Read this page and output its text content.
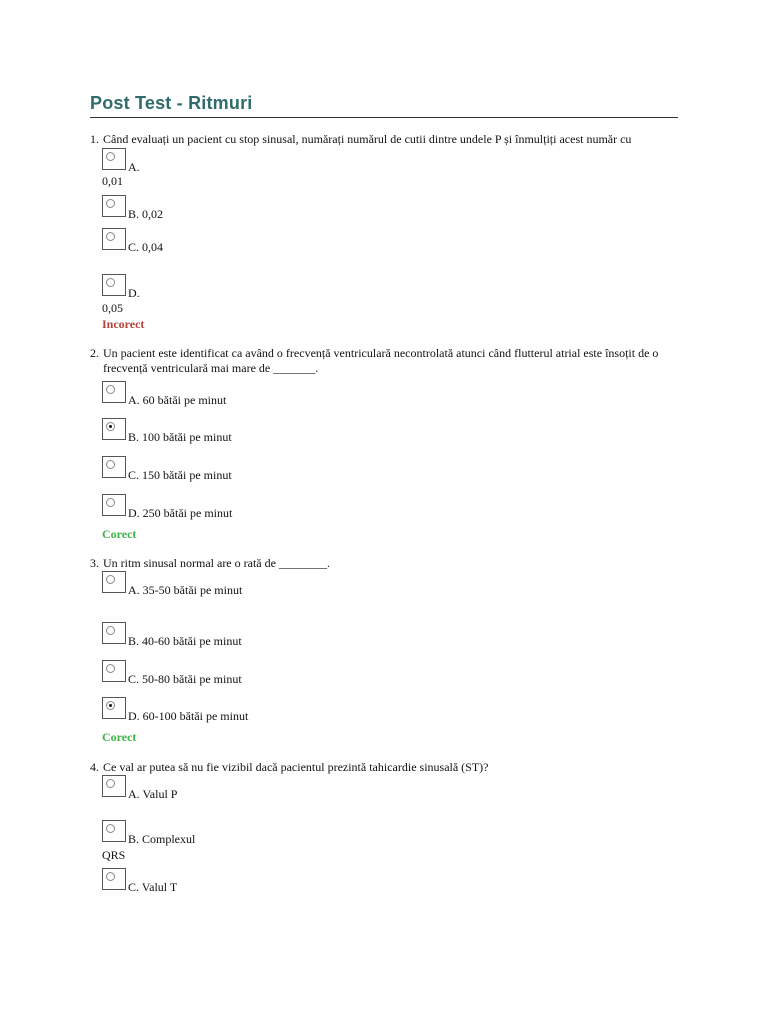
Post Test - Ritmuri
1. Când evaluați un pacient cu stop sinusal, numărați numărul de cutii dintre undele P și înmulțiți acest număr cu
A.
0,01
B. 0,02
C. 0,04
D.
0,05
Incorect
2. Un pacient este identificat ca având o frecvență ventriculară necontrolată atunci când flutterul atrial este însoțit de o frecvență ventriculară mai mare de _______.
A. 60 bătăi pe minut
B. 100 bătăi pe minut
C. 150 bătăi pe minut
D. 250 bătăi pe minut
Corect
3. Un ritm sinusal normal are o rată de ________.
A. 35-50 bătăi pe minut
B. 40-60 bătăi pe minut
C. 50-80 bătăi pe minut
D. 60-100 bătăi pe minut
Corect
4. Ce val ar putea să nu fie vizibil dacă pacientul prezintă tahicardie sinusală (ST)?
A. Valul P
B. Complexul
QRS
C. Valul T
